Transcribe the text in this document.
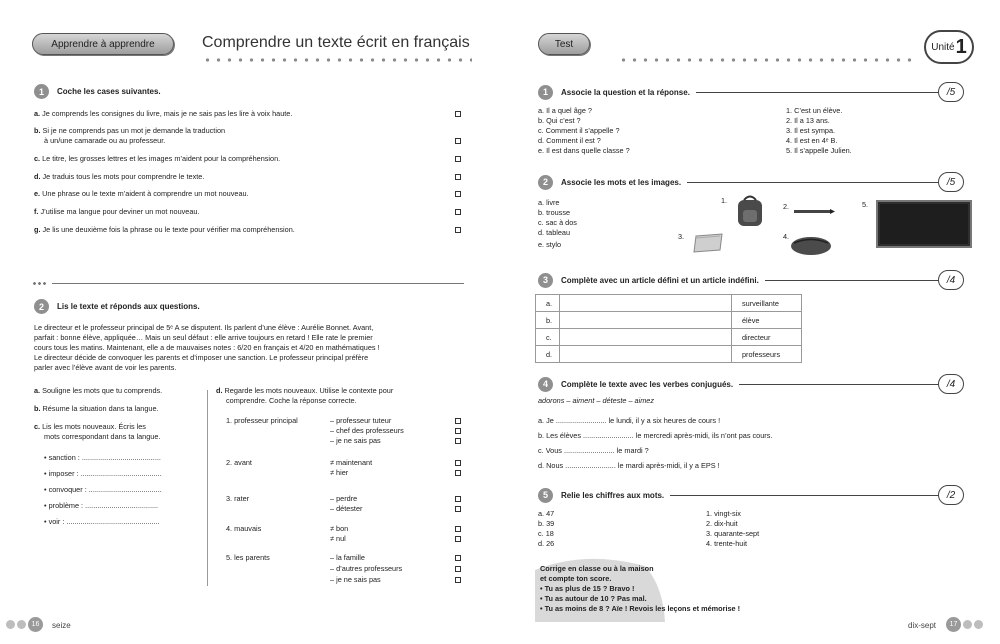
Apprendre à apprendre	Comprendre un texte écrit en français
1	Coche les cases suivantes.
a. Je comprends les consignes du livre, mais je ne sais pas les lire à voix haute.
b. Si je ne comprends pas un mot je demande la traduction
à un/une camarade ou au professeur.
c. Le titre, les grosses lettres et les images m’aident pour la compréhension.
d. Je traduis tous les mots pour comprendre le texte.
e. Une phrase ou le texte m’aident à comprendre un mot nouveau.
f. J’utilise ma langue pour deviner un mot nouveau.
g. Je lis une deuxième fois la phrase ou le texte pour vérifier ma compréhension.
2	Lis le texte et réponds aux questions.
Le directeur et le professeur principal de 5ᵉ A se disputent. Ils parlent d’une élève : Aurélie Bonnet. Avant,
parfait : bonne élève, appliquée… Mais un seul défaut : elle arrive toujours en retard ! Elle rate le premier
cours tous les matins. Maintenant, elle a de mauvaises notes : 6/20 en français et 4/20 en mathématiques !
Le directeur décide de convoquer les parents et d’imposer une sanction. Le professeur principal préfère
parler avec l’élève avant de voir les parents.
a. Souligne les mots que tu comprends.
b. Résume la situation dans ta langue.
c. Lis les mots nouveaux. Écris les
mots correspondant dans ta langue.
• sanction : .......................................
• imposer : ........................................
• convoquer : ....................................
• problème : ....................................
• voir : ..............................................
d. Regarde les mots nouveaux. Utilise le contexte pour
comprendre. Coche la réponse correcte.
1. professeur principal	– professeur tuteur
– chef des professeurs
– je ne sais pas
2. avant	≠ maintenant
≠ hier
3. rater	– perdre
– détester
4. mauvais	≠ bon
≠ nul
5. les parents	– la famille
– d’autres professeurs
– je ne sais pas
16	seize
Test	Unité 1
1	Associe la question et la réponse.	/5
a. Il a quel âge ?
b. Qui c’est ?
c. Comment il s’appelle ?
d. Comment il est ?
e. Il est dans quelle classe ?
1. C’est un élève.
2. Il a 13 ans.
3. Il est sympa.
4. Il est en 4ᵉ B.
5. Il s’appelle Julien.
2	Associe les mots et les images.	/5
a. livre
b. trousse
c. sac à dos
d. tableau
e. stylo
1.
2.	5.
3.	4.
3	Complète avec un article défini et un article indéfini.	/4
4	Complète le texte avec les verbes conjugués.	/4
adorons – aiment – déteste – aimez
a. Je ......................... le lundi, il y a six heures de cours !
b. Les élèves ......................... le mercredi après-midi, ils n’ont pas cours.
c. Vous ......................... le mardi ?
d. Nous ......................... le mardi après-midi, il y a EPS !
5	Relie les chiffres aux mots.	/2
a. 47
b. 39
c. 18
d. 26
1. vingt-six
2. dix-huit
3. quarante-sept
4. trente-huit
Corrige en classe ou à la maison
et compte ton score.
• Tu as plus de 15 ? Bravo !
• Tu as autour de 10 ? Pas mal.
• Tu as moins de 8 ? Aïe ! Revois les leçons et mémorise !
dix-sept	17
a.		surveillante
b.		élève
c.		directeur
d.		professeurs
